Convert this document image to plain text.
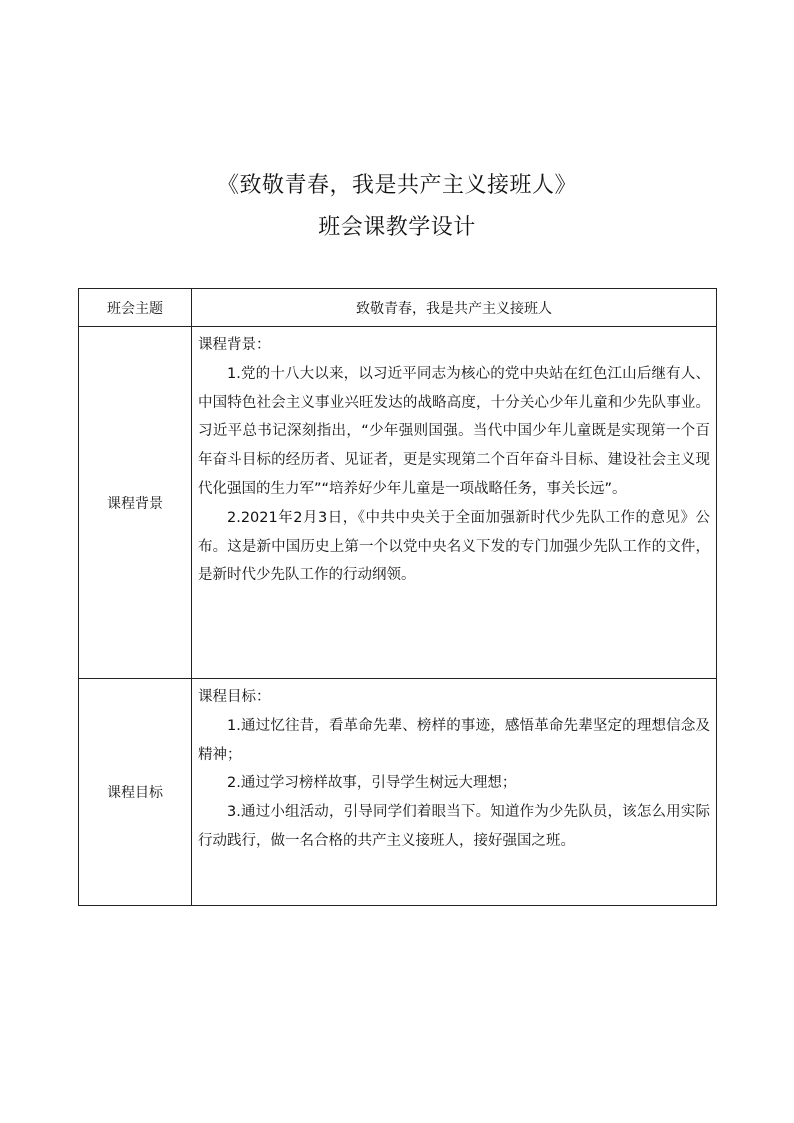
《致敬青春，我是共产主义接班人》
班会课教学设计
班会主题	致敬青春，我是共产主义接班人
课程背景	课程背景：

1.党的十八大以来，以习近平同志为核心的党中央站在红色江山后继有人、中国特色社会主义事业兴旺发达的战略高度，十分关心少年儿童和少先队事业。习近平总书记深刻指出，“少年强则国强。当代中国少年儿童既是实现第一个百年奋斗目标的经历者、见证者，更是实现第二个百年奋斗目标、建设社会主义现代化强国的生力军”“培养好少年儿童是一项战略任务，事关长远”。

2.2021年2月3日，《中共中央关于全面加强新时代少先队工作的意见》公布。这是新中国历史上第一个以党中央名义下发的专门加强少先队工作的文件，是新时代少先队工作的行动纲领。

课程目标	课程目标：

1.通过忆往昔，看革命先辈、榜样的事迹，感悟革命先辈坚定的理想信念及精神；

2.通过学习榜样故事，引导学生树远大理想；

3.通过小组活动，引导同学们着眼当下。知道作为少先队员，该怎么用实际行动践行，做一名合格的共产主义接班人，接好强国之班。
